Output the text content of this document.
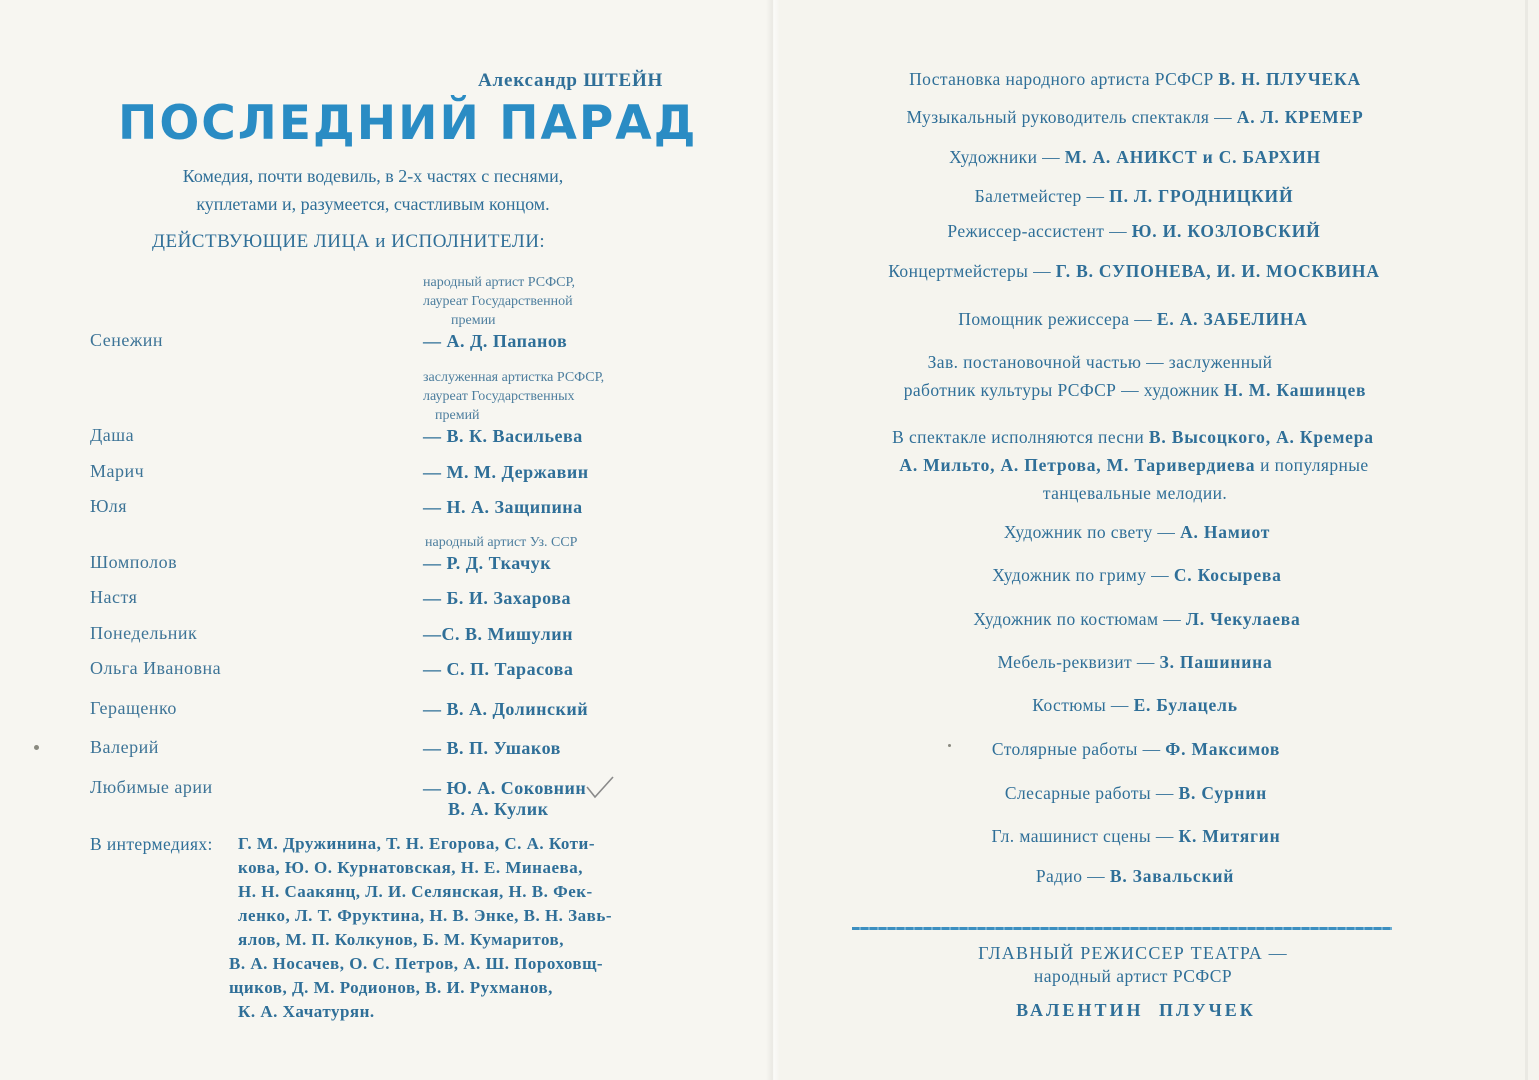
Александр ШТЕЙН
ПОСЛЕДНИЙ ПАРАД
Комедия, почти водевиль, в 2-х частях с песнями,
куплетами и, разумеется, счастливым концом.
ДЕЙСТВУЮЩИЕ ЛИЦА и ИСПОЛНИТЕЛИ:
народный артист РСФСР,
лауреат Государственной
премии
Сенежин	— А. Д. Папанов
заслуженная артистка РСФСР,
лауреат Государственных
премий
Даша	— В. К. Васильева
Марич	— М. М. Державин
Юля	— Н. А. Защипина
народный артист Уз. ССР
Шомполов	— Р. Д. Ткачук
Настя	— Б. И. Захарова
Понедельник	—С. В. Мишулин
Ольга Ивановна	— С. П. Тарасова
Геращенко	— В. А. Долинский
Валерий	— В. П. Ушаков
Любимые арии	— Ю. А. Соковнин
В. А. Кулик
В интермедиях: Г. М. Дружинина, Т. Н. Егорова, С. А. Коти-
кова, Ю. О. Курнатовская, Н. Е. Минаева,
Н. Н. Саакянц, Л. И. Селянская, Н. В. Фек-
ленко, Л. Т. Фруктина, Н. В. Энке, В. Н. Завь-
ялов, М. П. Колкунов, Б. М. Кумаритов,
В. А. Носачев, О. С. Петров, А. Ш. Пороховщ-
щиков, Д. М. Родионов, В. И. Рухманов,
К. А. Хачатурян.
Постановка народного артиста РСФСР В. Н. ПЛУЧЕКА
Музыкальный руководитель спектакля — А. Л. КРЕМЕР
Художники — М. А. АНИКСТ и С. БАРХИН
Балетмейстер — П. Л. ГРОДНИЦКИЙ
Режиссер-ассистент — Ю. И. КОЗЛОВСКИЙ
Концертмейстеры — Г. В. СУПОНЕВА, И. И. МОСКВИНА
Помощник режиссера — Е. А. ЗАБЕЛИНА
Зав. постановочной частью — заслуженный
работник культуры РСФСР — художник Н. М. Кашинцев
В спектакле исполняются песни В. Высоцкого, А. Кремера
А. Мильто, А. Петрова, М. Таривердиева и популярные
танцевальные мелодии.
Художник по свету — А. Намиот
Художник по гриму — С. Косырева
Художник по костюмам — Л. Чекулаева
Мебель-реквизит — З. Пашинина
Костюмы — Е. Булацель
Столярные работы — Ф. Максимов
Слесарные работы — В. Сурнин
Гл. машинист сцены — К. Митягин
Радио — В. Завальский
ГЛАВНЫЙ РЕЖИССЕР ТЕАТРА —
народный артист РСФСР
ВАЛЕНТИН ПЛУЧЕК
